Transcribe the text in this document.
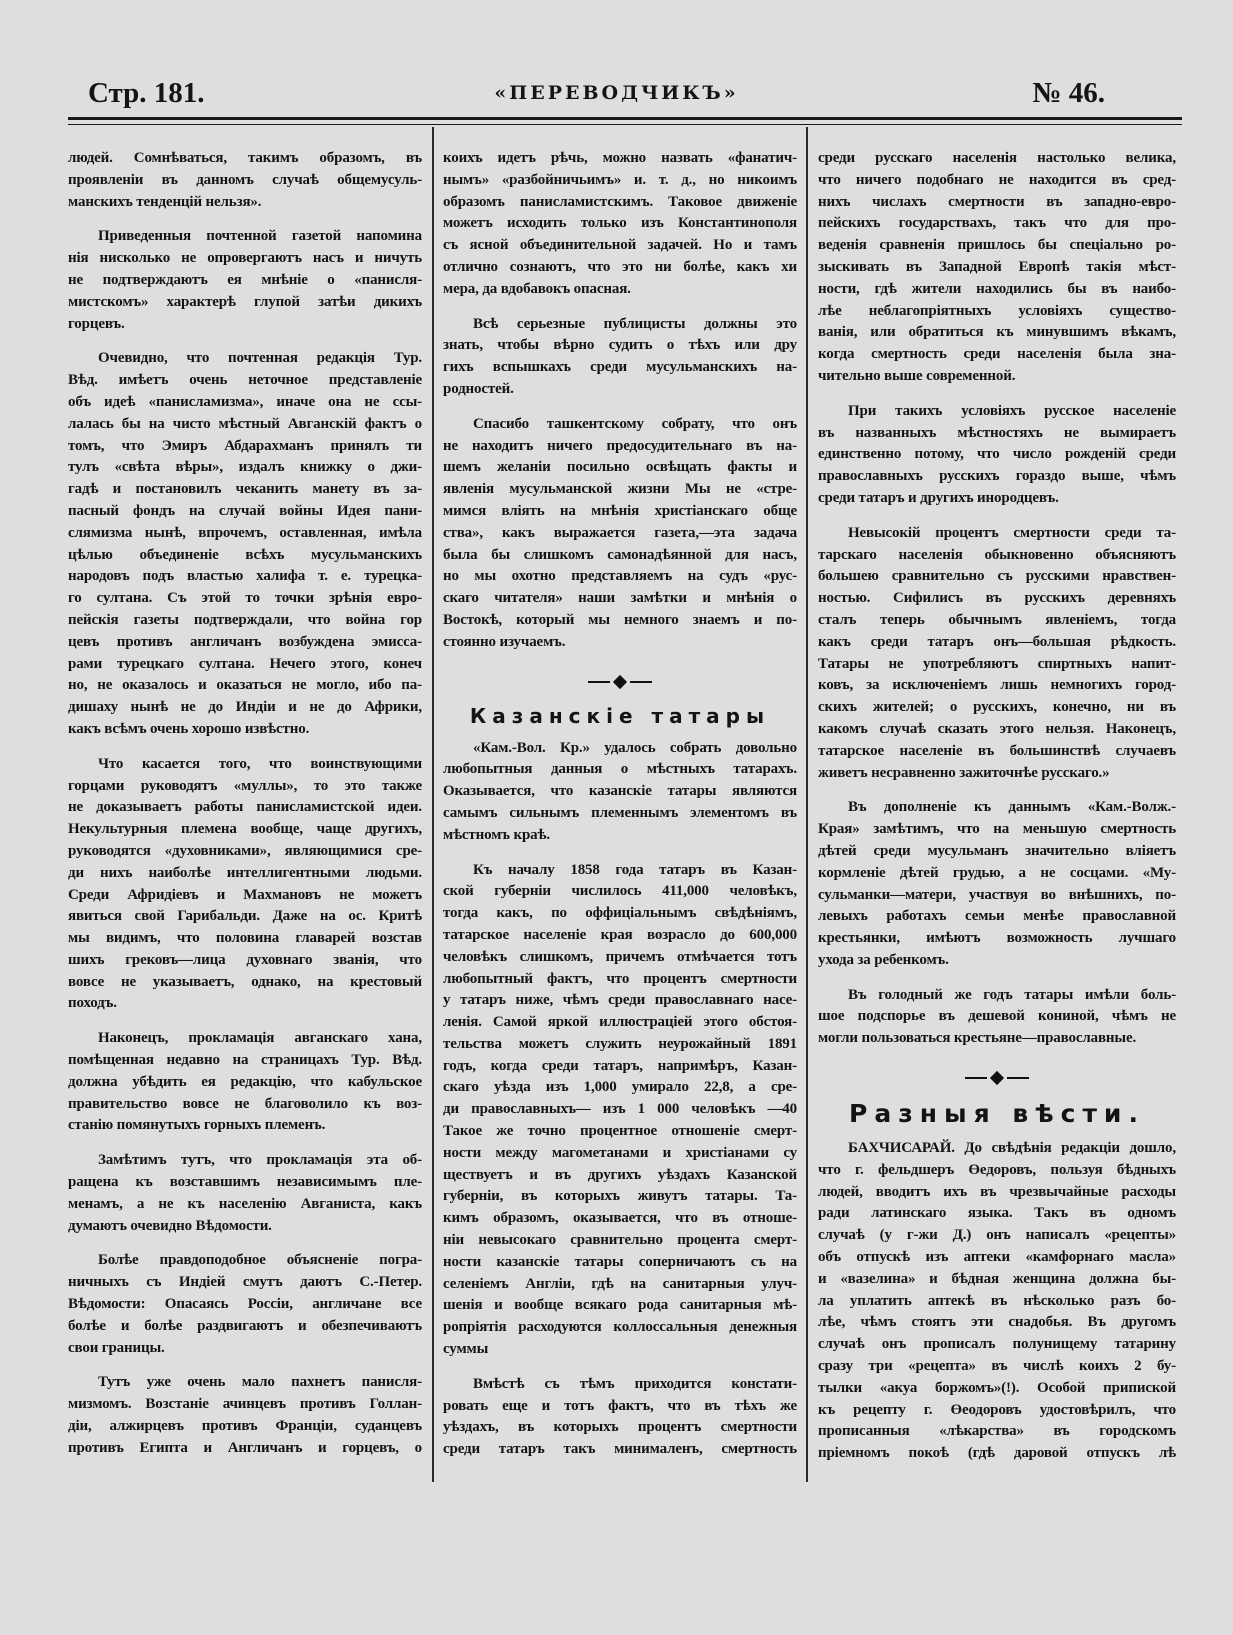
Стр. 181.	«ПЕРЕВОДЧИКЪ»	№ 46.
людей. Сомнѣваться, такимъ образомъ, въ
проявленіи въ данномъ случаѣ общемусуль-
манскихъ тенденцій нельзя».
Приведенныя почтенной газетой напомина
нія нисколько не опровергаютъ насъ и ничуть
не подтверждаютъ ея мнѣніе о «панисля-
мистскомъ» характерѣ глупой затѣи дикихъ
горцевъ.
Очевидно, что почтенная редакція Тур.
Вѣд. имѣетъ очень неточное представленіе
объ идеѣ «панисламизма», иначе она не ссы-
лалась бы на чисто мѣстный Авганскій фактъ о
томъ, что Эмиръ Абдарахманъ принялъ ти
тулъ «свѣта вѣры», издалъ книжку о джи-
гадѣ и постановилъ чеканить манету въ за-
пасный фондъ на случай войны Идея пани-
слямизма нынѣ, впрочемъ, оставленная, имѣла
цѣлью объединеніе всѣхъ мусульманскихъ
народовъ подъ властью халифа т. е. турецка-
го султана. Съ этой то точки зрѣнія евро-
пейскія газеты подтверждали, что война гор
цевъ противъ англичанъ возбуждена эмисса-
рами турецкаго султана. Нечего этого, конеч
но, не оказалось и оказаться не могло, ибо па-
дишаху нынѣ не до Индіи и не до Африки,
какъ всѣмъ очень хорошо извѣстно.
Что касается того, что воинствующими
горцами руководятъ «муллы», то это также
не доказываетъ работы панисламистской идеи.
Некультурныя племена вообще, чаще другихъ,
руководятся «духовниками», являющимися сре-
ди нихъ наиболѣе интеллигентными людьми.
Среди Афридіевъ и Махмановъ не можетъ
явиться свой Гарибальди. Даже на ос. Критѣ
мы видимъ, что половина главарей возстав
шихъ грековъ—лица духовнаго званія, что
вовсе не указываетъ, однако, на крестовый
походъ.
Наконецъ, прокламація авганскаго хана,
помѣщенная недавно на страницахъ Тур. Вѣд.
должна убѣдить ея редакцію, что кабульское
правительство вовсе не благоволило къ воз-
станію помянутыхъ горныхъ племенъ.
Замѣтимъ тутъ, что прокламація эта об-
ращена къ возставшимъ независимымъ пле-
менамъ, а не къ населенію Авганиста, какъ
думаютъ очевидно Вѣдомости.
Болѣе правдоподобное объясненіе погра-
ничныхъ съ Индіей смутъ даютъ С.-Петер.
Вѣдомости: Опасаясь Россіи, англичане все
болѣе и болѣе раздвигаютъ и обезпечиваютъ
свои границы.
Тутъ уже очень мало пахнетъ панисля-
мизмомъ. Возстаніе ачинцевъ противъ Голлан-
діи, алжирцевъ противъ Франціи, суданцевъ
противъ Египта и Англичанъ и горцевъ, о
коихъ идетъ рѣчь, можно назвать «фанатич-
нымъ» «разбойничьимъ» и. т. д., но никоимъ
образомъ панисламистскимъ. Таковое движеніе
можетъ исходить только изъ Константинополя
съ ясной объединительной задачей. Но и тамъ
отлично сознаютъ, что это ни болѣе, какъ хи
мера, да вдобавокъ опасная.
Всѣ серьезные публицисты должны это
знать, чтобы вѣрно судить о тѣхъ или дру
гихъ вспышкахъ среди мусульманскихъ на-
родностей.
Спасибо ташкентскому собрату, что онъ
не находитъ ничего предосудительнаго въ на-
шемъ желаніи посильно освѣщать факты и
явленія мусульманской жизни Мы не «стре-
мимся вліять на мнѣнія христіанскаго обще
ства», какъ выражается газета,—эта задача
была бы слишкомъ самонадѣянной для насъ,
но мы охотно представляемъ на судъ «рус-
скаго читателя» наши замѣтки и мнѣнія о
Востокѣ, который мы немного знаемъ и по-
стоянно изучаемъ.
Казанскіе татары
«Кам.-Вол. Кр.» удалось собрать довольно
любопытныя данныя о мѣстныхъ татарахъ.
Оказывается, что казанскіе татары являются
самымъ сильнымъ племеннымъ элементомъ въ
мѣстномъ краѣ.
Къ началу 1858 года татаръ въ Казан-
ской губерніи числилось 411,000 человѣкъ,
тогда какъ, по оффиціальнымъ свѣдѣніямъ,
татарское населеніе края возрасло до 600,000
человѣкъ слишкомъ, причемъ отмѣчается тотъ
любопытный фактъ, что процентъ смертности
у татаръ ниже, чѣмъ среди православнаго насе-
ленія. Самой яркой иллюстраціей этого обстоя-
тельства можетъ служить неурожайный 1891
годъ, когда среди татаръ, напримѣръ, Казан-
скаго уѣзда изъ 1,000 умирало 22,8, а сре-
ди православныхъ— изъ 1 000 человѣкъ —40
Такое же точно процентное отношеніе смерт-
ности между магометанами и христіанами су
ществуетъ и въ другихъ уѣздахъ Казанской
губерніи, въ которыхъ живутъ татары. Та-
кимъ образомъ, оказывается, что въ отноше-
ніи невысокаго сравнительно процента смерт-
ности казанскіе татары соперничаютъ съ на
селеніемъ Англіи, гдѣ на санитарныя улуч-
шенія и вообще всякаго рода санитарныя мѣ-
ропріятія расходуются коллоссальныя денежныя
суммы
Вмѣстѣ съ тѣмъ приходится констати-
ровать еще и тотъ фактъ, что въ тѣхъ же
уѣздахъ, въ которыхъ процентъ смертности
среди татаръ такъ минималенъ, смертность
среди русскаго населенія настолько велика,
что ничего подобнаго не находится въ сред-
нихъ числахъ смертности въ западно-евро-
пейскихъ государствахъ, такъ что для про-
веденія сравненія пришлось бы спеціально ро-
зыскивать въ Западной Европѣ такія мѣст-
ности, гдѣ жители находились бы въ наибо-
лѣе неблагопріятныхъ условіяхъ существо-
ванія, или обратиться къ минувшимъ вѣкамъ,
когда смертность среди населенія была зна-
чительно выше современной.
При такихъ условіяхъ русское населеніе
въ названныхъ мѣстностяхъ не вымираетъ
единственно потому, что число рожденій среди
православныхъ русскихъ гораздо выше, чѣмъ
среди татаръ и другихъ инородцевъ.
Невысокій процентъ смертности среди та-
тарскаго населенія обыкновенно объясняютъ
большею сравнительно съ русскими нравствен-
ностью. Сифилисъ въ русскихъ деревняхъ
сталъ теперь обычнымъ явленіемъ, тогда
какъ среди татаръ онъ—большая рѣдкость.
Татары не употребляютъ спиртныхъ напит-
ковъ, за исключеніемъ лишь немногихъ город-
скихъ жителей; о русскихъ, конечно, ни въ
какомъ случаѣ сказать этого нельзя. Наконецъ,
татарское населеніе въ большинствѣ случаевъ
живетъ несравненно зажиточнѣе русскаго.»
Въ дополненіе къ даннымъ «Кам.-Волж.-
Края» замѣтимъ, что на меньшую смертность
дѣтей среди мусульманъ значительно вліяетъ
кормленіе дѣтей грудью, а не сосцами. «Му-
сульманки—матери, участвуя во внѣшнихъ, по-
левыхъ работахъ семьи менѣе православной
крестьянки, имѣютъ возможность лучшаго
ухода за ребенкомъ.
Въ голодный же годъ татары имѣли боль-
шое подспорье въ дешевой кониной, чѣмъ не
могли пользоваться крестьяне—православные.
Разныя вѣсти.
БАХЧИСАРАЙ. До свѣдѣнія редакціи дошло,
что г. фельдшеръ Өедоровъ, пользуя бѣдныхъ
людей, вводитъ ихъ въ чрезвычайные расходы
ради латинскаго языка. Такъ въ одномъ
случаѣ (у г-жи Д.) онъ написалъ «рецепты»
объ отпускѣ изъ аптеки «камфорнаго масла»
и «вазелина» и бѣдная женщина должна бы-
ла уплатить аптекѣ въ нѣсколько разъ бо-
лѣе, чѣмъ стоятъ эти снадобья. Въ другомъ
случаѣ онъ прописалъ полунищему татарину
сразу три «рецепта» въ числѣ коихъ 2 бу-
тылки «акуа боржомъ»(!). Особой припиской
къ рецепту г. Өеодоровъ удостовѣрилъ, что
прописанныя «лѣкарства» въ городскомъ
пріемномъ покоѣ (гдѣ даровой отпускъ лѣ
